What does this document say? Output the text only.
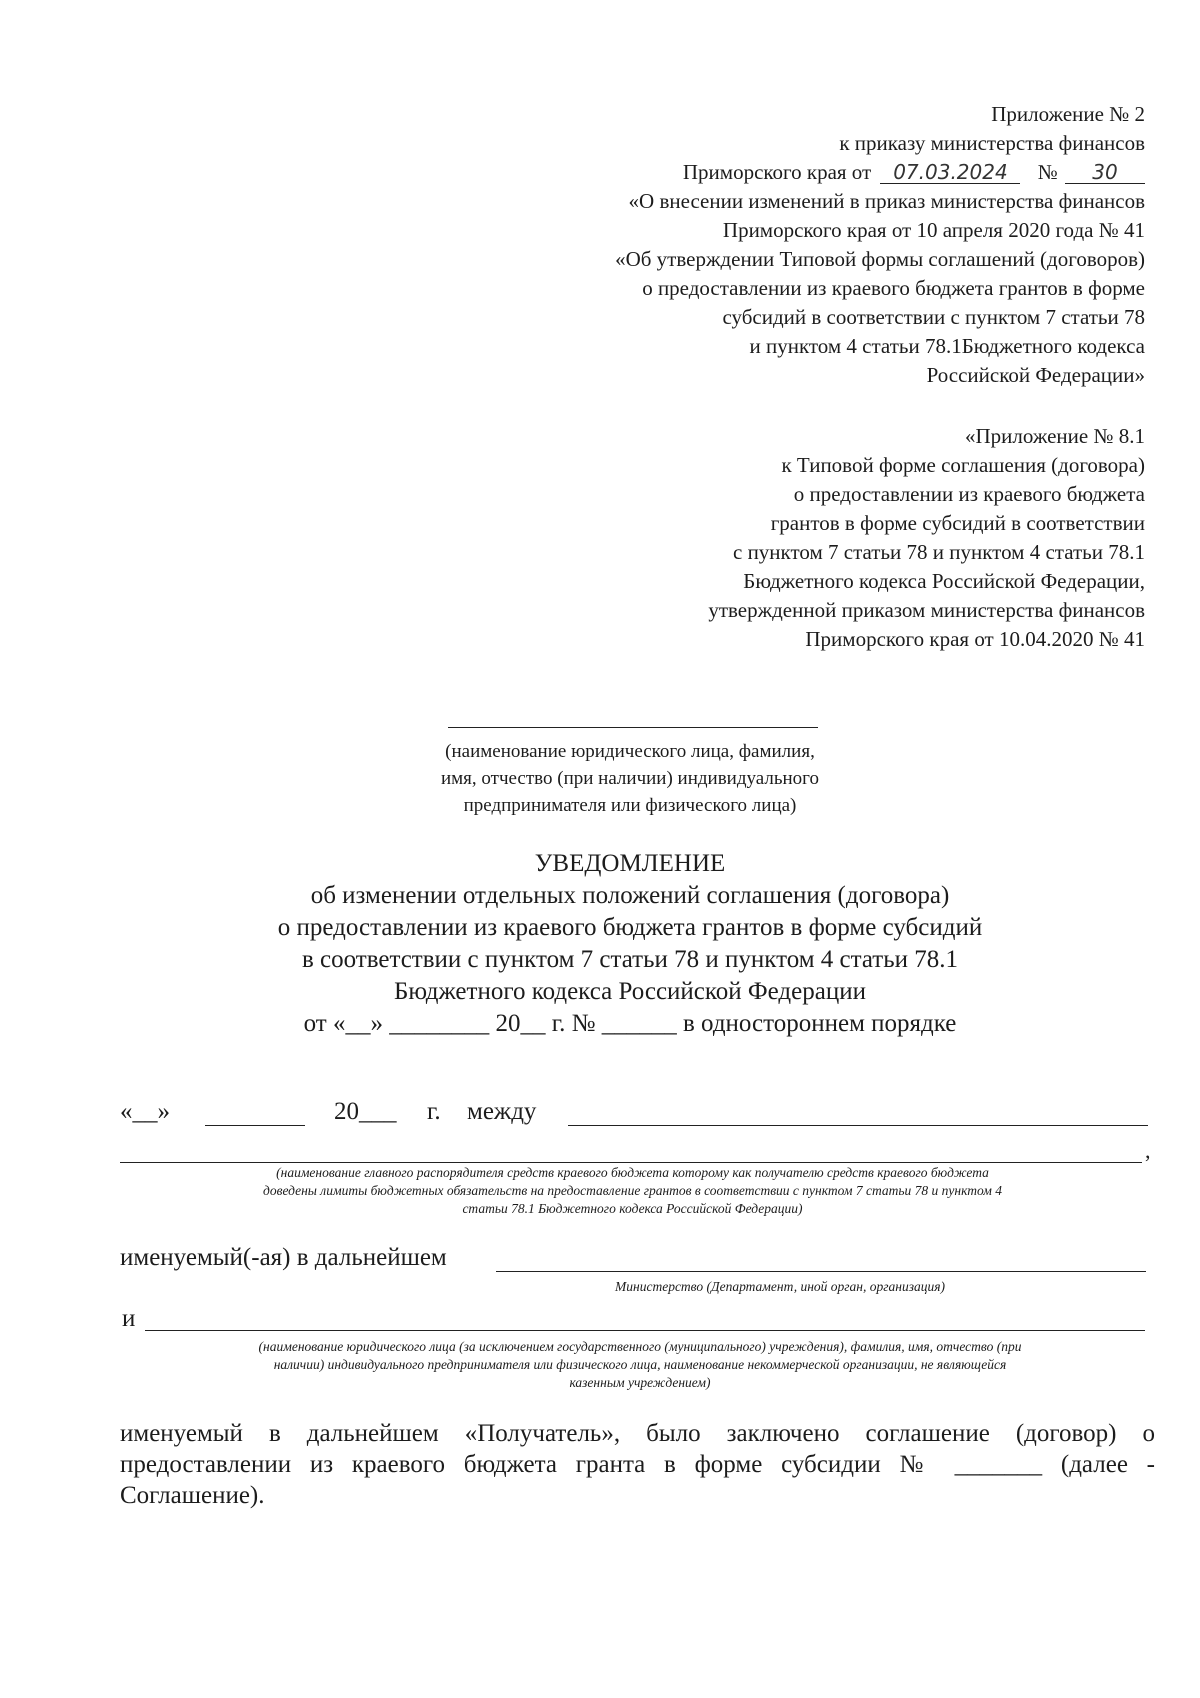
Приложение № 2
к приказу министерства финансов
Приморского края от 07.03.2024 № 30
«О внесении изменений в приказ министерства финансов
Приморского края от 10 апреля 2020 года № 41
«Об утверждении Типовой формы соглашений (договоров)
о предоставлении из краевого бюджета грантов в форме
субсидий в соответствии с пунктом 7 статьи 78
и пунктом 4 статьи 78.1Бюджетного кодекса
Российской Федерации»
«Приложение № 8.1
к Типовой форме соглашения (договора)
о предоставлении из краевого бюджета
грантов в форме субсидий в соответствии
с пунктом 7 статьи 78 и пунктом 4 статьи 78.1
Бюджетного кодекса Российской Федерации,
утвержденной приказом министерства финансов
Приморского края от 10.04.2020 № 41
(наименование юридического лица, фамилия,
имя, отчество (при наличии) индивидуального
предпринимателя или физического лица)
УВЕДОМЛЕНИЕ
об изменении отдельных положений соглашения (договора)
о предоставлении из краевого бюджета грантов в форме субсидий
в соответствии с пунктом 7 статьи 78 и пунктом 4 статьи 78.1
Бюджетного кодекса Российской Федерации
от «__» ________ 20__ г. № ______ в одностороннем порядке
«__»	20___ г. между
,
(наименование главного распорядителя средств краевого бюджета которому как получателю средств краевого бюджета
доведены лимиты бюджетных обязательств на предоставление грантов в соответствии с пунктом 7 статьи 78 и пунктом 4
статьи 78.1 Бюджетного кодекса Российской Федерации)
именуемый(-ая) в дальнейшем
Министерство (Департамент, иной орган, организация)
и
(наименование юридического лица (за исключением государственного (муниципального) учреждения), фамилия, имя, отчество (при
наличии) индивидуального предпринимателя или физического лица, наименование некоммерческой организации, не являющейся
казенным учреждением)
именуемый в дальнейшем «Получатель», было заключено соглашение (договор) о
предоставлении из краевого бюджета гранта в форме субсидии № _______ (далее -
Соглашение).
